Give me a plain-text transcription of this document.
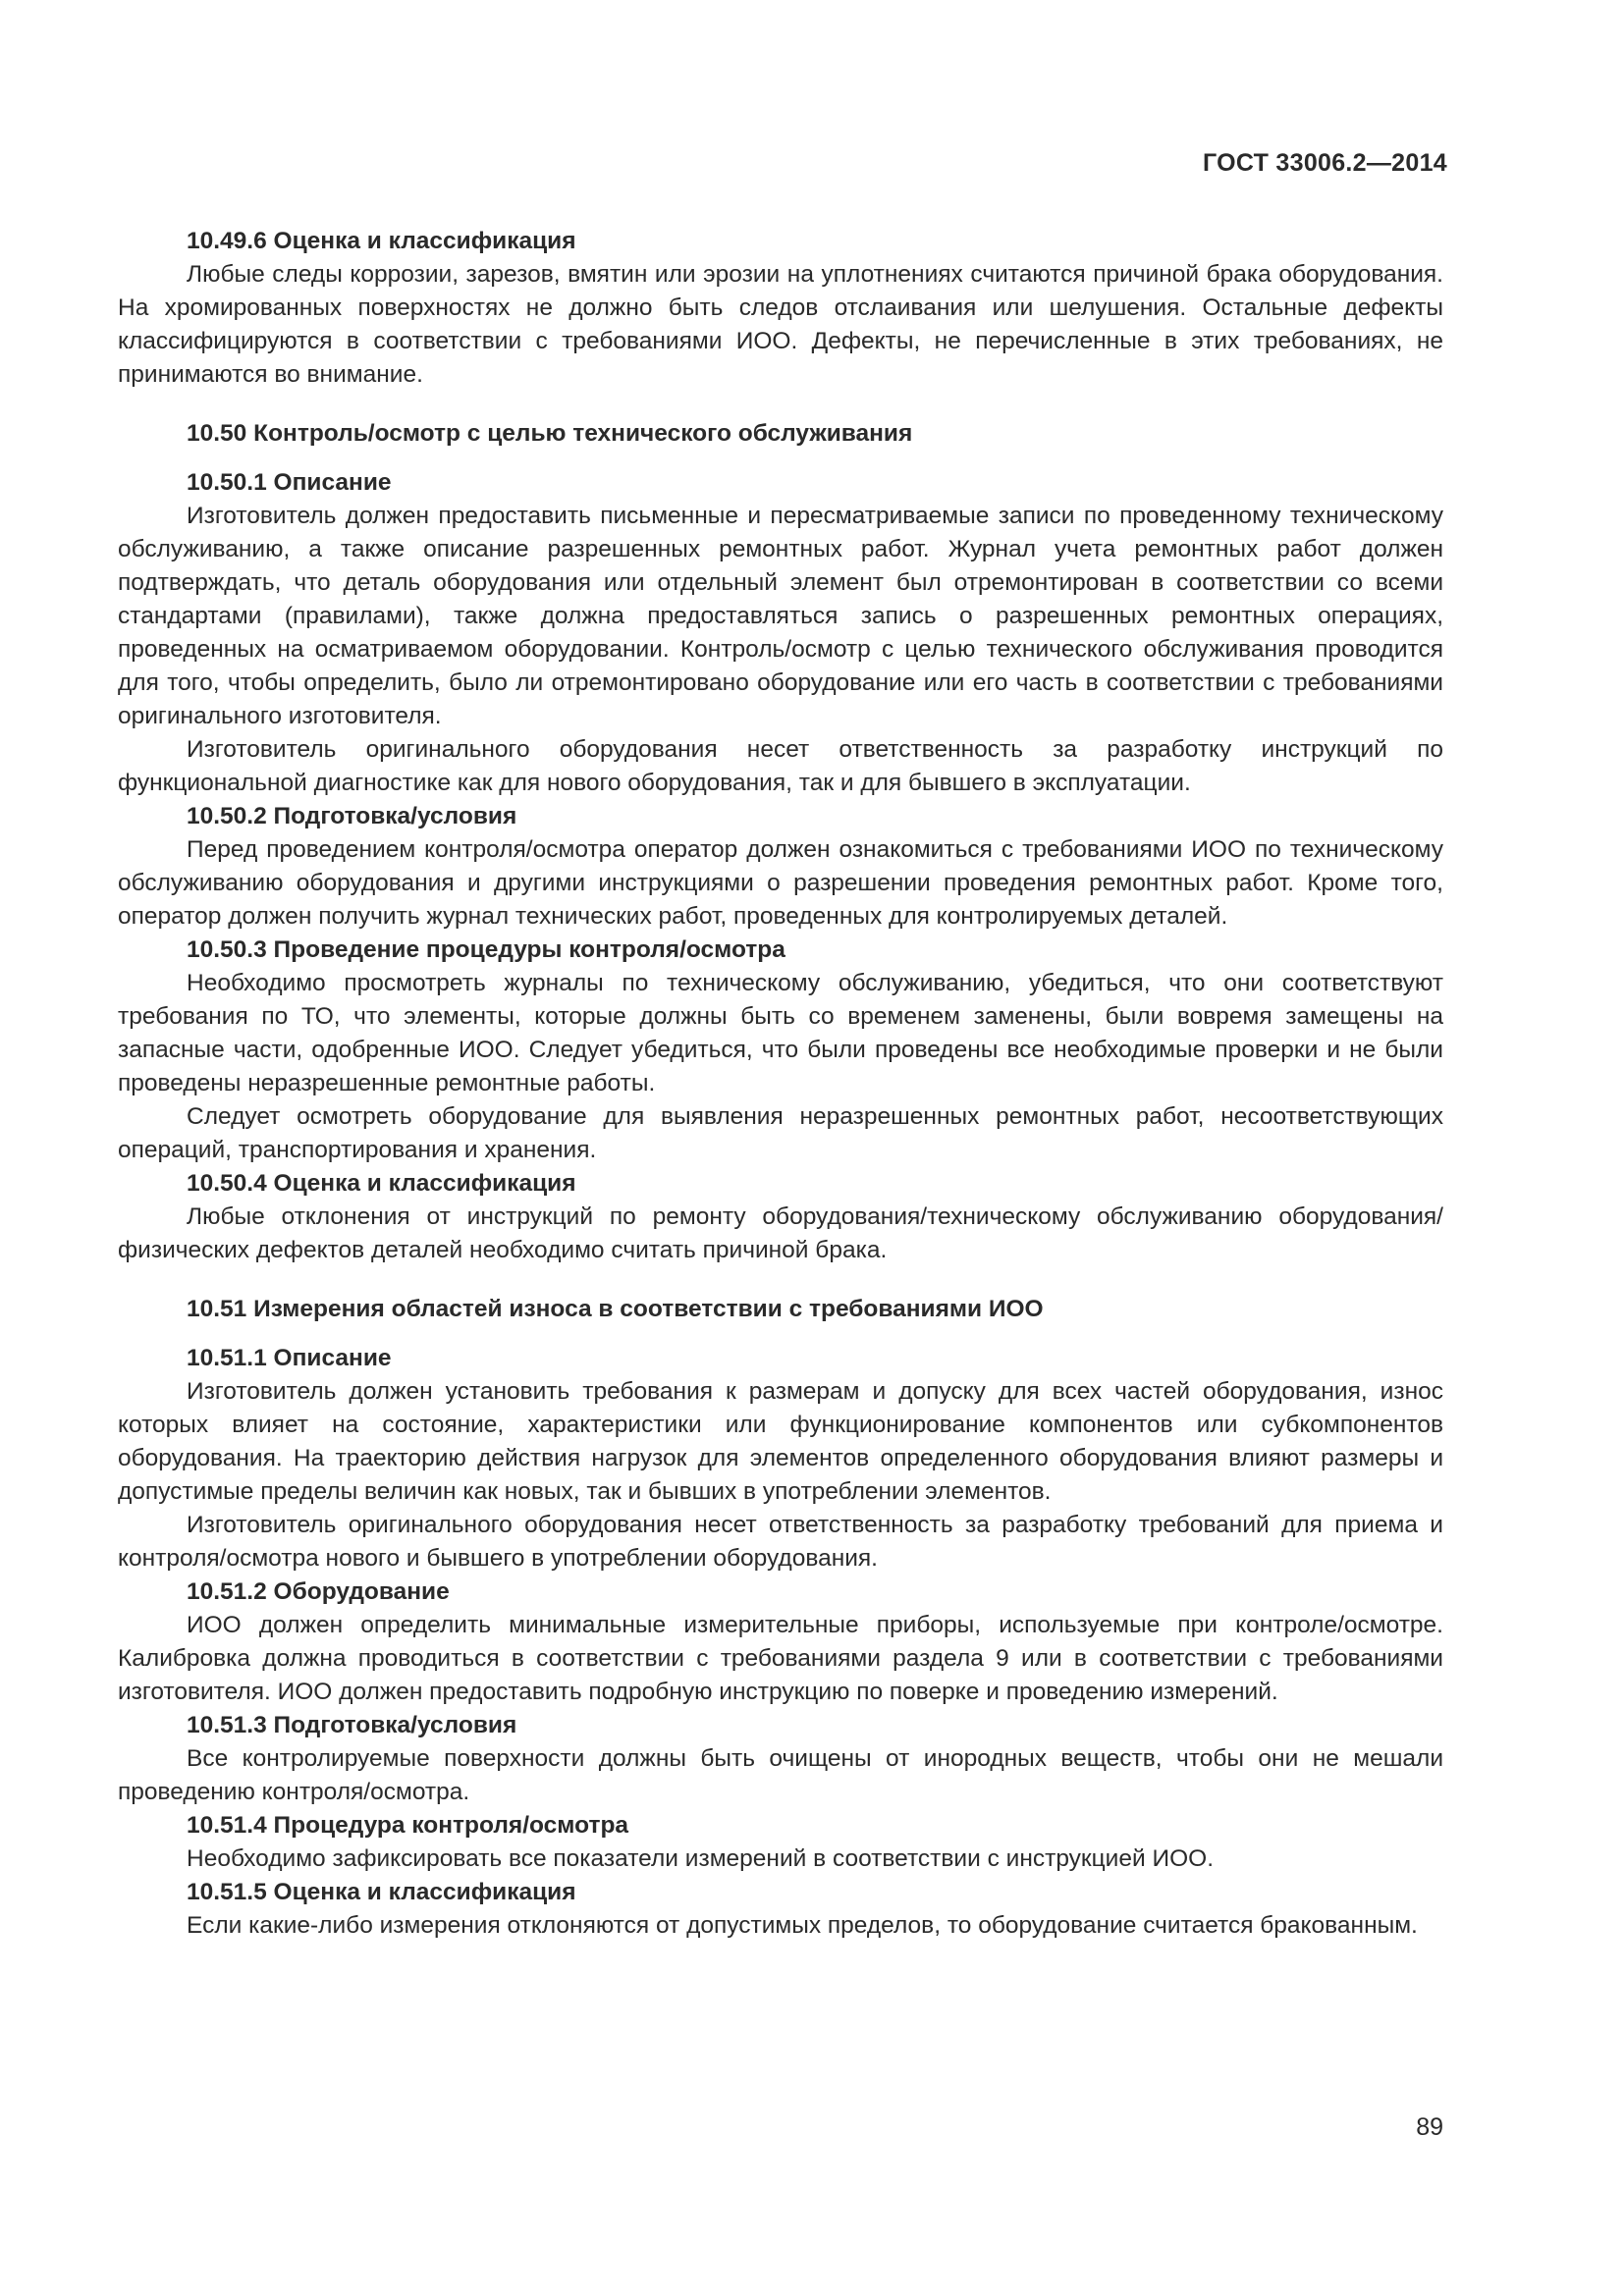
ГОСТ 33006.2—2014

10.49.6 Оценка и классификация

Любые следы коррозии, зарезов, вмятин или эрозии на уплотнениях считаются причиной брака оборудования. На хромированных поверхностях не должно быть следов отслаивания или шелушения. Остальные дефекты классифицируются в соответствии с требованиями ИОО. Дефекты, не перечисленные в этих требованиях, не принимаются во внимание.

10.50 Контроль/осмотр с целью технического обслуживания

10.50.1 Описание

Изготовитель должен предоставить письменные и пересматриваемые записи по проведенному техническому обслуживанию, а также описание разрешенных ремонтных работ. Журнал учета ремонтных работ должен подтверждать, что деталь оборудования или отдельный элемент был отремонтирован в соответствии со всеми стандартами (правилами), также должна предоставляться запись о разрешенных ремонтных операциях, проведенных на осматриваемом оборудовании. Контроль/осмотр с целью технического обслуживания проводится для того, чтобы определить, было ли отремонтировано оборудование или его часть в соответствии с требованиями оригинального изготовителя.

Изготовитель оригинального оборудования несет ответственность за разработку инструкций по функциональной диагностике как для нового оборудования, так и для бывшего в эксплуатации.

10.50.2 Подготовка/условия

Перед проведением контроля/осмотра оператор должен ознакомиться с требованиями ИОО по техническому обслуживанию оборудования и другими инструкциями о разрешении проведения ремонтных работ. Кроме того, оператор должен получить журнал технических работ, проведенных для контролируемых деталей.

10.50.3 Проведение процедуры контроля/осмотра

Необходимо просмотреть журналы по техническому обслуживанию, убедиться, что они соответствуют требования по ТО, что элементы, которые должны быть со временем заменены, были вовремя замещены на запасные части, одобренные ИОО. Следует убедиться, что были проведены все необходимые проверки и не были проведены неразрешенные ремонтные работы.

Следует осмотреть оборудование для выявления неразрешенных ремонтных работ, несоответствующих операций, транспортирования и хранения.

10.50.4 Оценка и классификация

Любые отклонения от инструкций по ремонту оборудования/техническому обслуживанию оборудования/физических дефектов деталей необходимо считать причиной брака.

10.51 Измерения областей износа в соответствии с требованиями ИОО

10.51.1 Описание

Изготовитель должен установить требования к размерам и допуску для всех частей оборудования, износ которых влияет на состояние, характеристики или функционирование компонентов или субкомпонентов оборудования. На траекторию действия нагрузок для элементов определенного оборудования влияют размеры и допустимые пределы величин как новых, так и бывших в употреблении элементов.

Изготовитель оригинального оборудования несет ответственность за разработку требований для приема и контроля/осмотра нового и бывшего в употреблении оборудования.

10.51.2 Оборудование

ИОО должен определить минимальные измерительные приборы, используемые при контроле/​осмотре. Калибровка должна проводиться в соответствии с требованиями раздела 9 или в соответствии с требованиями изготовителя. ИОО должен предоставить подробную инструкцию по поверке и проведению измерений.

10.51.3 Подготовка/условия

Все контролируемые поверхности должны быть очищены от инородных веществ, чтобы они не мешали проведению контроля/осмотра.

10.51.4 Процедура контроля/осмотра

Необходимо зафиксировать все показатели измерений в соответствии с инструкцией ИОО.

10.51.5 Оценка и классификация

Если какие-либо измерения отклоняются от допустимых пределов, то оборудование считается бракованным.

89
